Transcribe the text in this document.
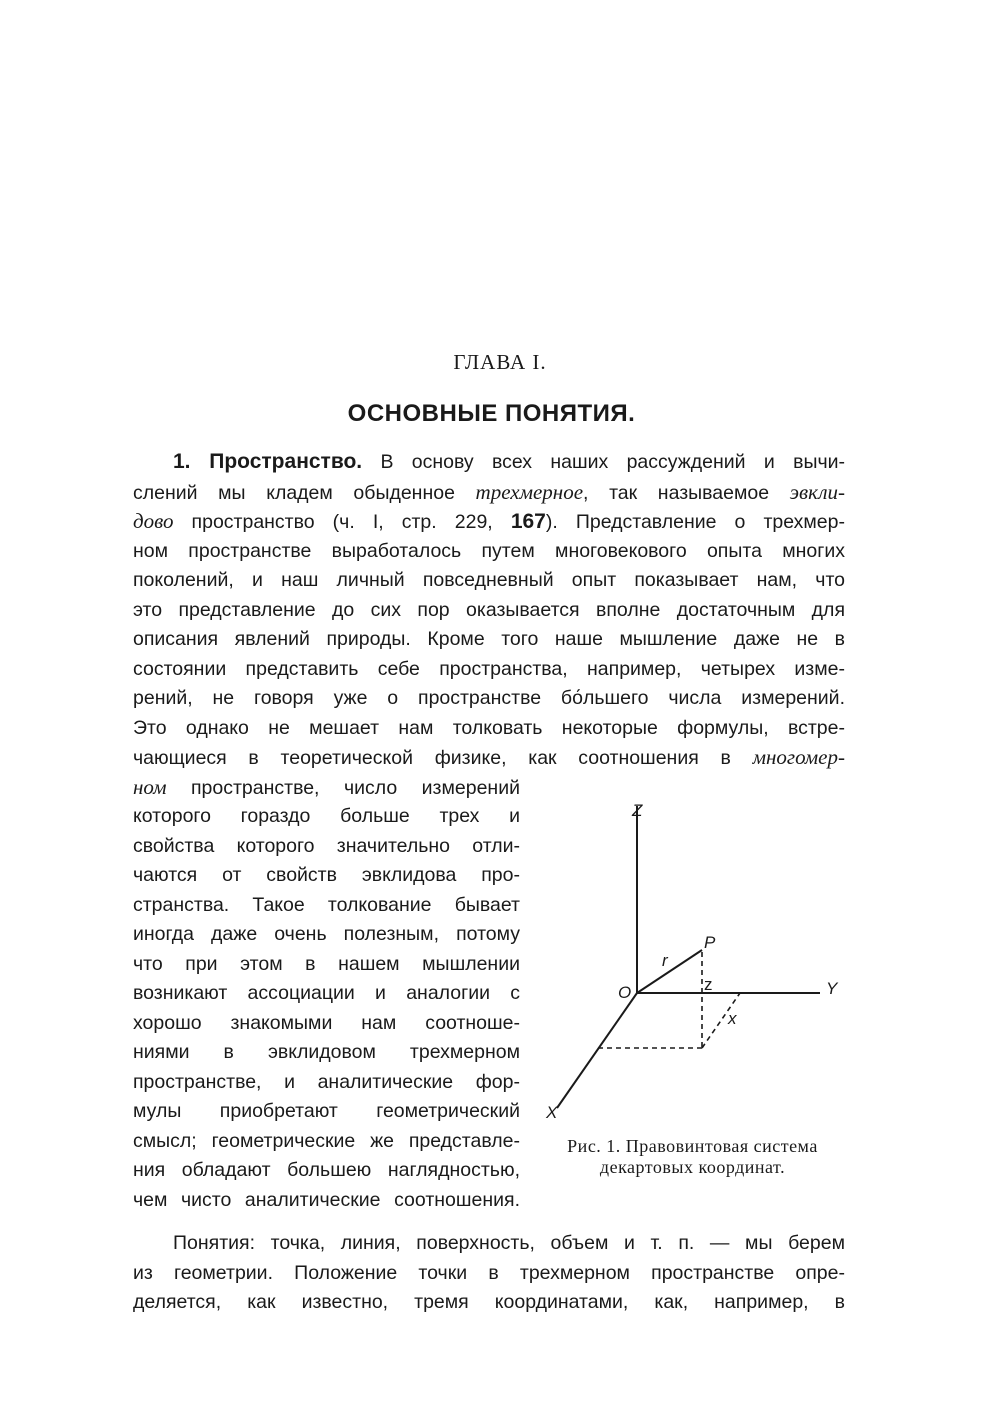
ГЛАВА I.
ОСНОВНЫЕ ПОНЯТИЯ.
1. Пространство. В основу всех наших рассуждений и вычи-
слений мы кладем обыденное трехмерное, так называемое эвкли-
дово пространство (ч. I, стр. 229, 167). Представление о трехмер-
ном пространстве выработалось путем многовекового опыта многих
поколений, и наш личный повседневный опыт показывает нам, что
это представление до сих пор оказывается вполне достаточным для
описания явлений природы. Кроме того наше мышление даже не в
состоянии представить себе пространства, например, четырех изме-
рений, не говоря уже о пространстве бо́льшего числа измерений.
Это однако не мешает нам толковать некоторые формулы, встре-
чающиеся в теоретической физике, как соотношения в многомер-
ном пространстве, число измерений
которого гораздо больше трех и
свойства которого значительно отли-
чаются от свойств эвклидова про-
странства. Такое толкование бывает
иногда даже очень полезным, потому
что при этом в нашем мышлении
возникают ассоциации и аналогии с
хорошо знакомыми нам соотноше-
ниями в эвклидовом трехмерном
пространстве, и аналитические фор-
мулы приобретают геометрический
смысл; геометрические же представле-
ния обладают большею наглядностью,
чем чисто аналитические соотношения.
Понятия: точка, линия, поверхность, объем и т. п. — мы берем
из геометрии. Положение точки в трехмерном пространстве опре-
деляется, как известно, тремя координатами, как, например, в
Z
P
r
O	z	Y
x
X
Рис. 1. Правовинтовая система
декартовых координат.
